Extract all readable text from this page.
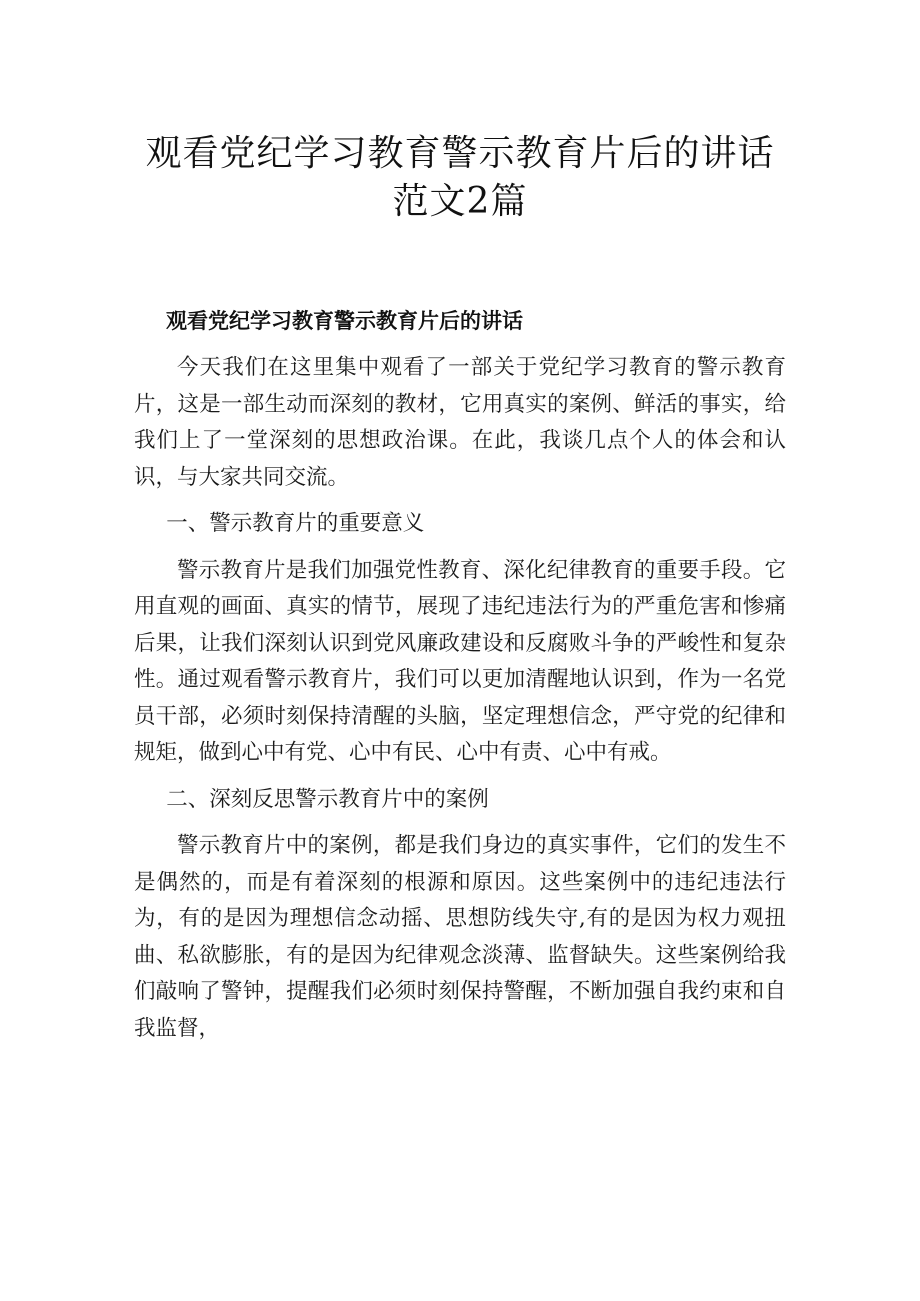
观看党纪学习教育警示教育片后的讲话范文2篇
观看党纪学习教育警示教育片后的讲话

今天我们在这里集中观看了一部关于党纪学习教育的警示教育片，这是一部生动而深刻的教材，它用真实的案例、鲜活的事实，给我们上了一堂深刻的思想政治课。在此，我谈几点个人的体会和认识，与大家共同交流。

一、警示教育片的重要意义

警示教育片是我们加强党性教育、深化纪律教育的重要手段。它用直观的画面、真实的情节，展现了违纪违法行为的严重危害和惨痛后果，让我们深刻认识到党风廉政建设和反腐败斗争的严峻性和复杂性。通过观看警示教育片，我们可以更加清醒地认识到，作为一名党员干部，必须时刻保持清醒的头脑，坚定理想信念，严守党的纪律和规矩，做到心中有党、心中有民、心中有责、心中有戒。

二、深刻反思警示教育片中的案例

警示教育片中的案例，都是我们身边的真实事件，它们的发生不是偶然的，而是有着深刻的根源和原因。这些案例中的违纪违法行为，有的是因为理想信念动摇、思想防线失守,有的是因为权力观扭曲、私欲膨胀，有的是因为纪律观念淡薄、监督缺失。这些案例给我们敲响了警钟，提醒我们必须时刻保持警醒，不断加强自我约束和自我监督，
